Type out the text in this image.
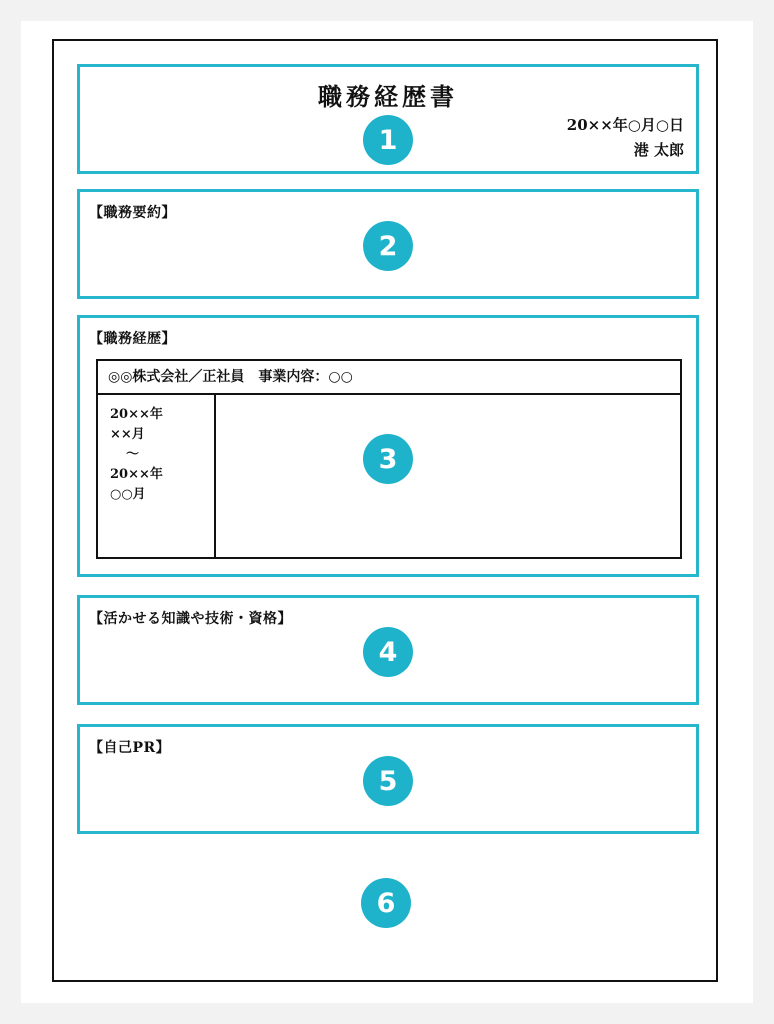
職務経歴書
20××年○月○日
港 太郎
1
【職務要約】
2
【職務経歴】
◎◎株式会社／正社員　事業内容：○○
20××年
××月
〜
20××年
○○月
3
【活かせる知識や技術・資格】
4
【自己PR】
5
6
